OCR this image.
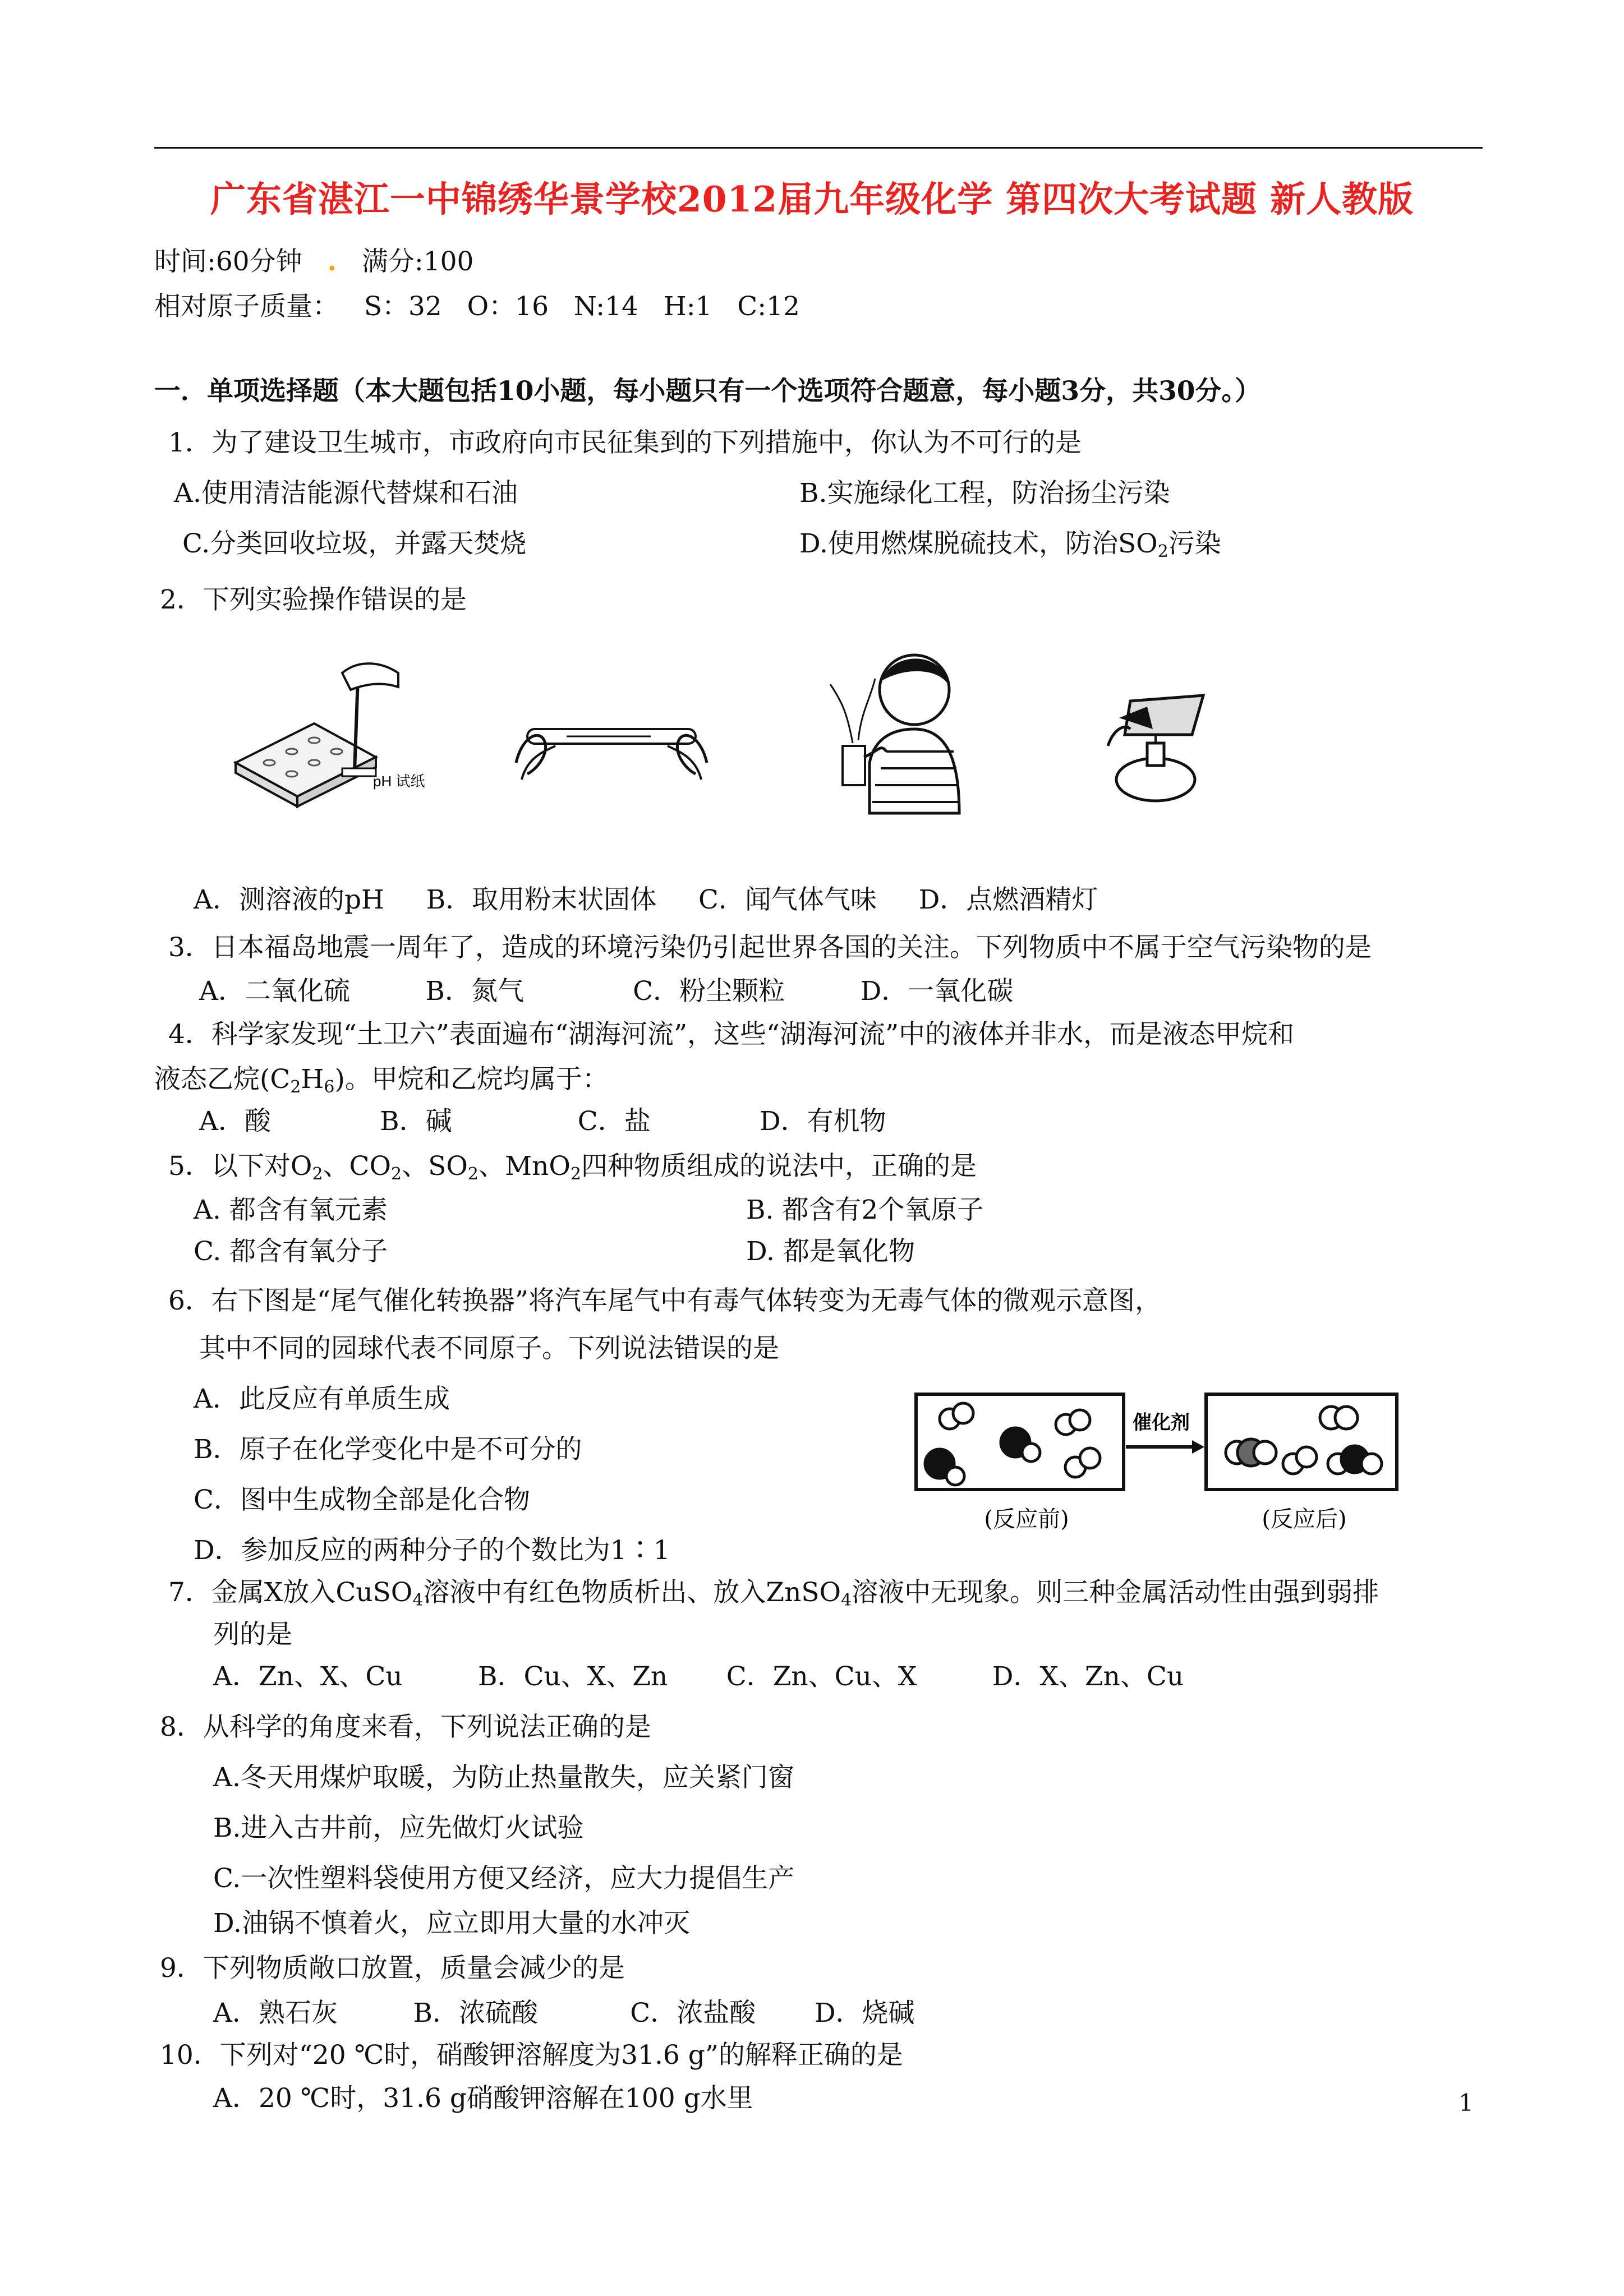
广东省湛江一中锦绣华景学校2012届九年级化学 第四次大考试题 新人教版
时间:60分钟 . 满分:100
相对原子质量：   S：32   O：16   N:14   H:1   C:12
一．单项选择题（本大题包括10小题，每小题只有一个选项符合题意，每小题3分，共30分。）
1．为了建设卫生城市，市政府向市民征集到的下列措施中，你认为不可行的是
A.使用清洁能源代替煤和石油	B.实施绿化工程，防治扬尘污染
C.分类回收垃圾，并露天焚烧	D.使用燃煤脱硫技术，防治$SO_2$污染
2．下列实验操作错误的是
pH 试纸
A．测溶液的pH     B．取用粉末状固体     C．闻气体气味     D．点燃酒精灯
3．日本福岛地震一周年了，造成的环境污染仍引起世界各国的关注。下列物质中不属于空气污染物的是
A．二氧化硫         B．氮气             C．粉尘颗粒         D．一氧化碳
4．科学家发现“土卫六”表面遍布“湖海河流”，这些“湖海河流”中的液体并非水，而是液态甲烷和
液态乙烷$(C_2H_6)$。甲烷和乙烷均属于：
A．酸             B．碱               C．盐             D．有机物
5．以下对$O_2$、$CO_2$、$SO_2$、MnO$_2$四种物质组成的说法中，正确的是
A. 都含有氧元素	B. 都含有2个氧原子
C. 都含有氧分子	D. 都是氧化物
6．右下图是“尾气催化转换器”将汽车尾气中有毒气体转变为无毒气体的微观示意图，
其中不同的园球代表不同原子。下列说法错误的是
A．此反应有单质生成
B．原子在化学变化中是不可分的
C．图中生成物全部是化合物
D．参加反应的两种分子的个数比为1∶1
催化剂
(反应前)	(反应后)
7．金属X放入CuSO$_4$溶液中有红色物质析出、放入ZnSO$_4$溶液中无现象。则三种金属活动性由强到弱排
列的是
A．Zn、X、Cu         B．Cu、X、Zn       C．Zn、Cu、X         D．X、Zn、Cu
8．从科学的角度来看，下列说法正确的是
A.冬天用煤炉取暖，为防止热量散失，应关紧门窗
B.进入古井前，应先做灯火试验
C.一次性塑料袋使用方便又经济，应大力提倡生产
D.油锅不慎着火，应立即用大量的水冲灭
9．下列物质敞口放置，质量会减少的是
A．熟石灰         B．浓硫酸           C．浓盐酸       D．烧碱
10．下列对“20 ℃时，硝酸钾溶解度为31.6 g”的解释正确的是
A．20 ℃时，31.6 g硝酸钾溶解在100 g水里	1
